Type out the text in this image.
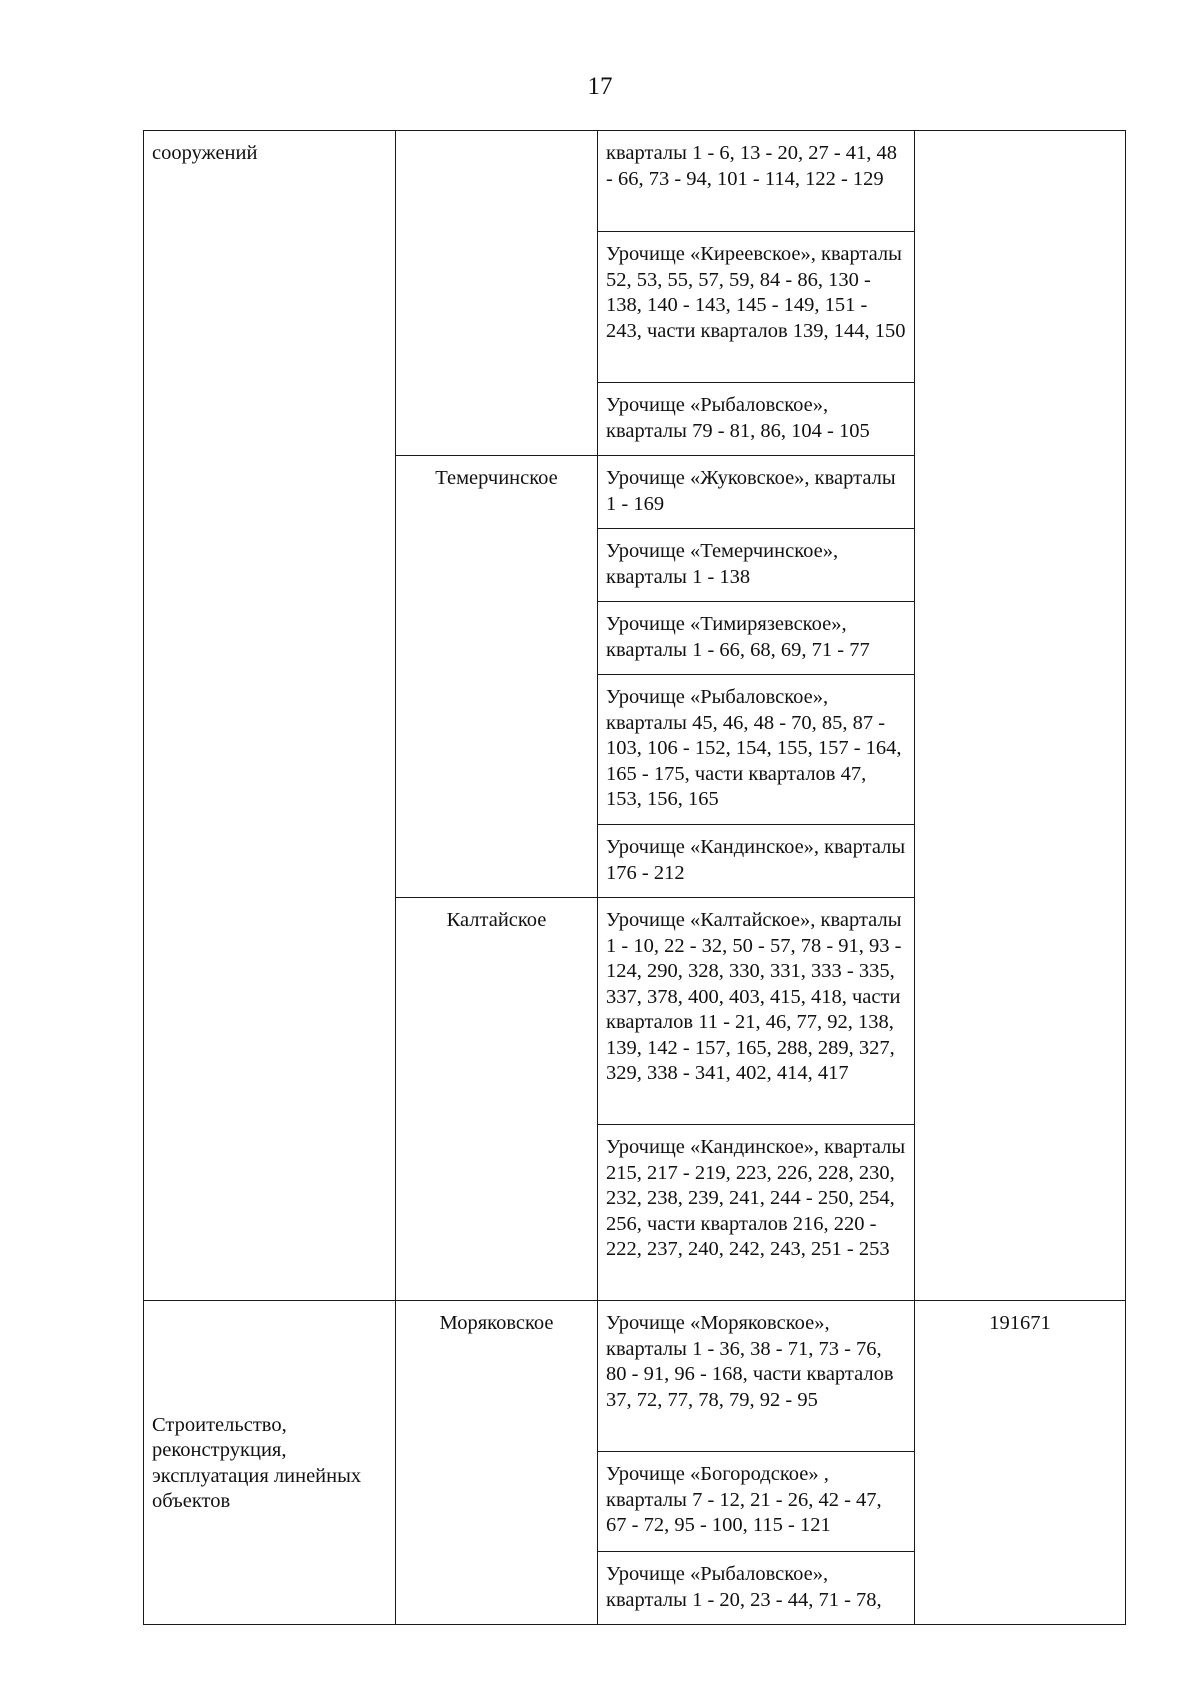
17
сооружений		кварталы 1 - 6, 13 - 20, 27 - 41, 48 - 66, 73 - 94, 101 - 114, 122 - 129	
		Урочище «Киреевское», кварталы 52, 53, 55, 57, 59, 84 - 86, 130 - 138, 140 - 143, 145 - 149, 151 - 243, части кварталов 139, 144, 150	
		Урочище «Рыбаловское», кварталы 79 - 81, 86, 104 - 105	
	Темерчинское	Урочище «Жуковское», кварталы 1 - 169	
		Урочище «Темерчинское», кварталы 1 - 138	
		Урочище «Тимирязевское», кварталы 1 - 66, 68, 69, 71 - 77	
		Урочище «Рыбаловское», кварталы 45, 46, 48 - 70, 85, 87 - 103, 106 - 152, 154, 155, 157 - 164, 165 - 175, части кварталов 47, 153, 156, 165	
		Урочище «Кандинское», кварталы 176 - 212	
	Калтайское	Урочище «Калтайское», кварталы 1 - 10, 22 - 32, 50 - 57, 78 - 91, 93 - 124, 290, 328, 330, 331, 333 - 335, 337, 378, 400, 403, 415, 418, части кварталов 11 - 21, 46, 77, 92, 138, 139, 142 - 157, 165, 288, 289, 327, 329, 338 - 341, 402, 414, 417	
		Урочище «Кандинское», кварталы 215, 217 - 219, 223, 226, 228, 230, 232, 238, 239, 241, 244 - 250, 254, 256, части кварталов 216, 220 - 222, 237, 240, 242, 243, 251 - 253	
Строительство, реконструкция, эксплуатация линейных объектов	Моряковское	Урочище «Моряковское», кварталы 1 - 36, 38 - 71, 73 - 76, 80 - 91, 96 - 168, части кварталов 37, 72, 77, 78, 79, 92 - 95	191671
		Урочище «Богородское» , кварталы 7 - 12, 21 - 26, 42 - 47, 67 - 72, 95 - 100, 115 - 121	
		Урочище «Рыбаловское», кварталы 1 - 20, 23 - 44, 71 - 78,	
